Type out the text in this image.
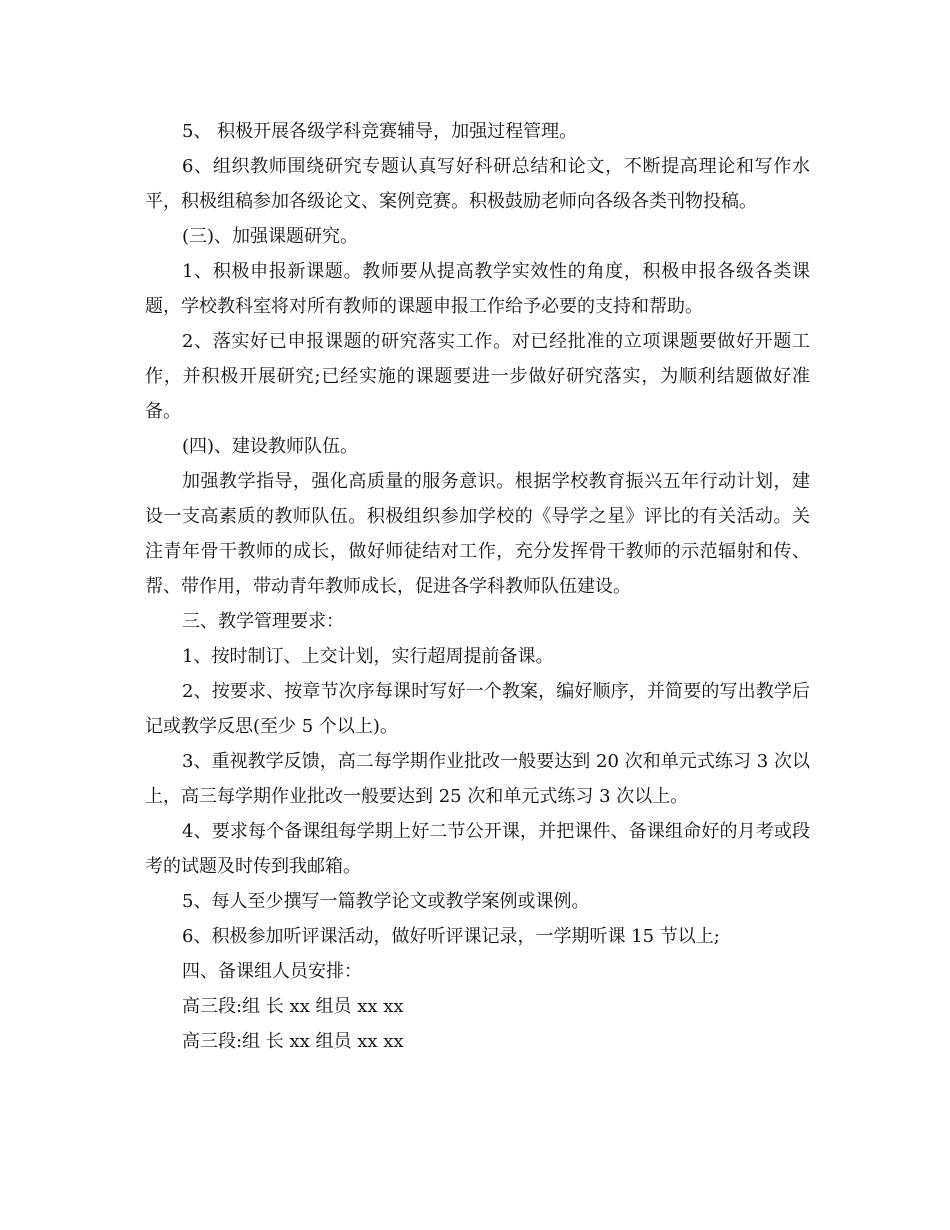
5、 积极开展各级学科竞赛辅导，加强过程管理。

6、组织教师围绕研究专题认真写好科研总结和论文，不断提高理论和写作水平，积极组稿参加各级论文、案例竞赛。积极鼓励老师向各级各类刊物投稿。

(三)、加强课题研究。

1、积极申报新课题。教师要从提高教学实效性的角度，积极申报各级各类课题，学校教科室将对所有教师的课题申报工作给予必要的支持和帮助。

2、落实好已申报课题的研究落实工作。对已经批准的立项课题要做好开题工作，并积极开展研究;已经实施的课题要进一步做好研究落实，为顺利结题做好准备。

(四)、建设教师队伍。

加强教学指导，强化高质量的服务意识。根据学校教育振兴五年行动计划，建设一支高素质的教师队伍。积极组织参加学校的《导学之星》评比的有关活动。关注青年骨干教师的成长，做好师徒结对工作，充分发挥骨干教师的示范辐射和传、帮、带作用，带动青年教师成长，促进各学科教师队伍建设。

三、教学管理要求：

1、按时制订、上交计划，实行超周提前备课。

2、按要求、按章节次序每课时写好一个教案，编好顺序，并简要的写出教学后记或教学反思(至少 5 个以上)。

3、重视教学反馈，高二每学期作业批改一般要达到 20 次和单元式练习 3 次以上，高三每学期作业批改一般要达到 25 次和单元式练习 3 次以上。

4、要求每个备课组每学期上好二节公开课，并把课件、备课组命好的月考或段考的试题及时传到我邮箱。

5、每人至少撰写一篇教学论文或教学案例或课例。

6、积极参加听评课活动，做好听评课记录，一学期听课 15 节以上;

四、备课组人员安排：

高三段:组 长 xx 组员 xx xx

高三段:组 长 xx 组员 xx xx
